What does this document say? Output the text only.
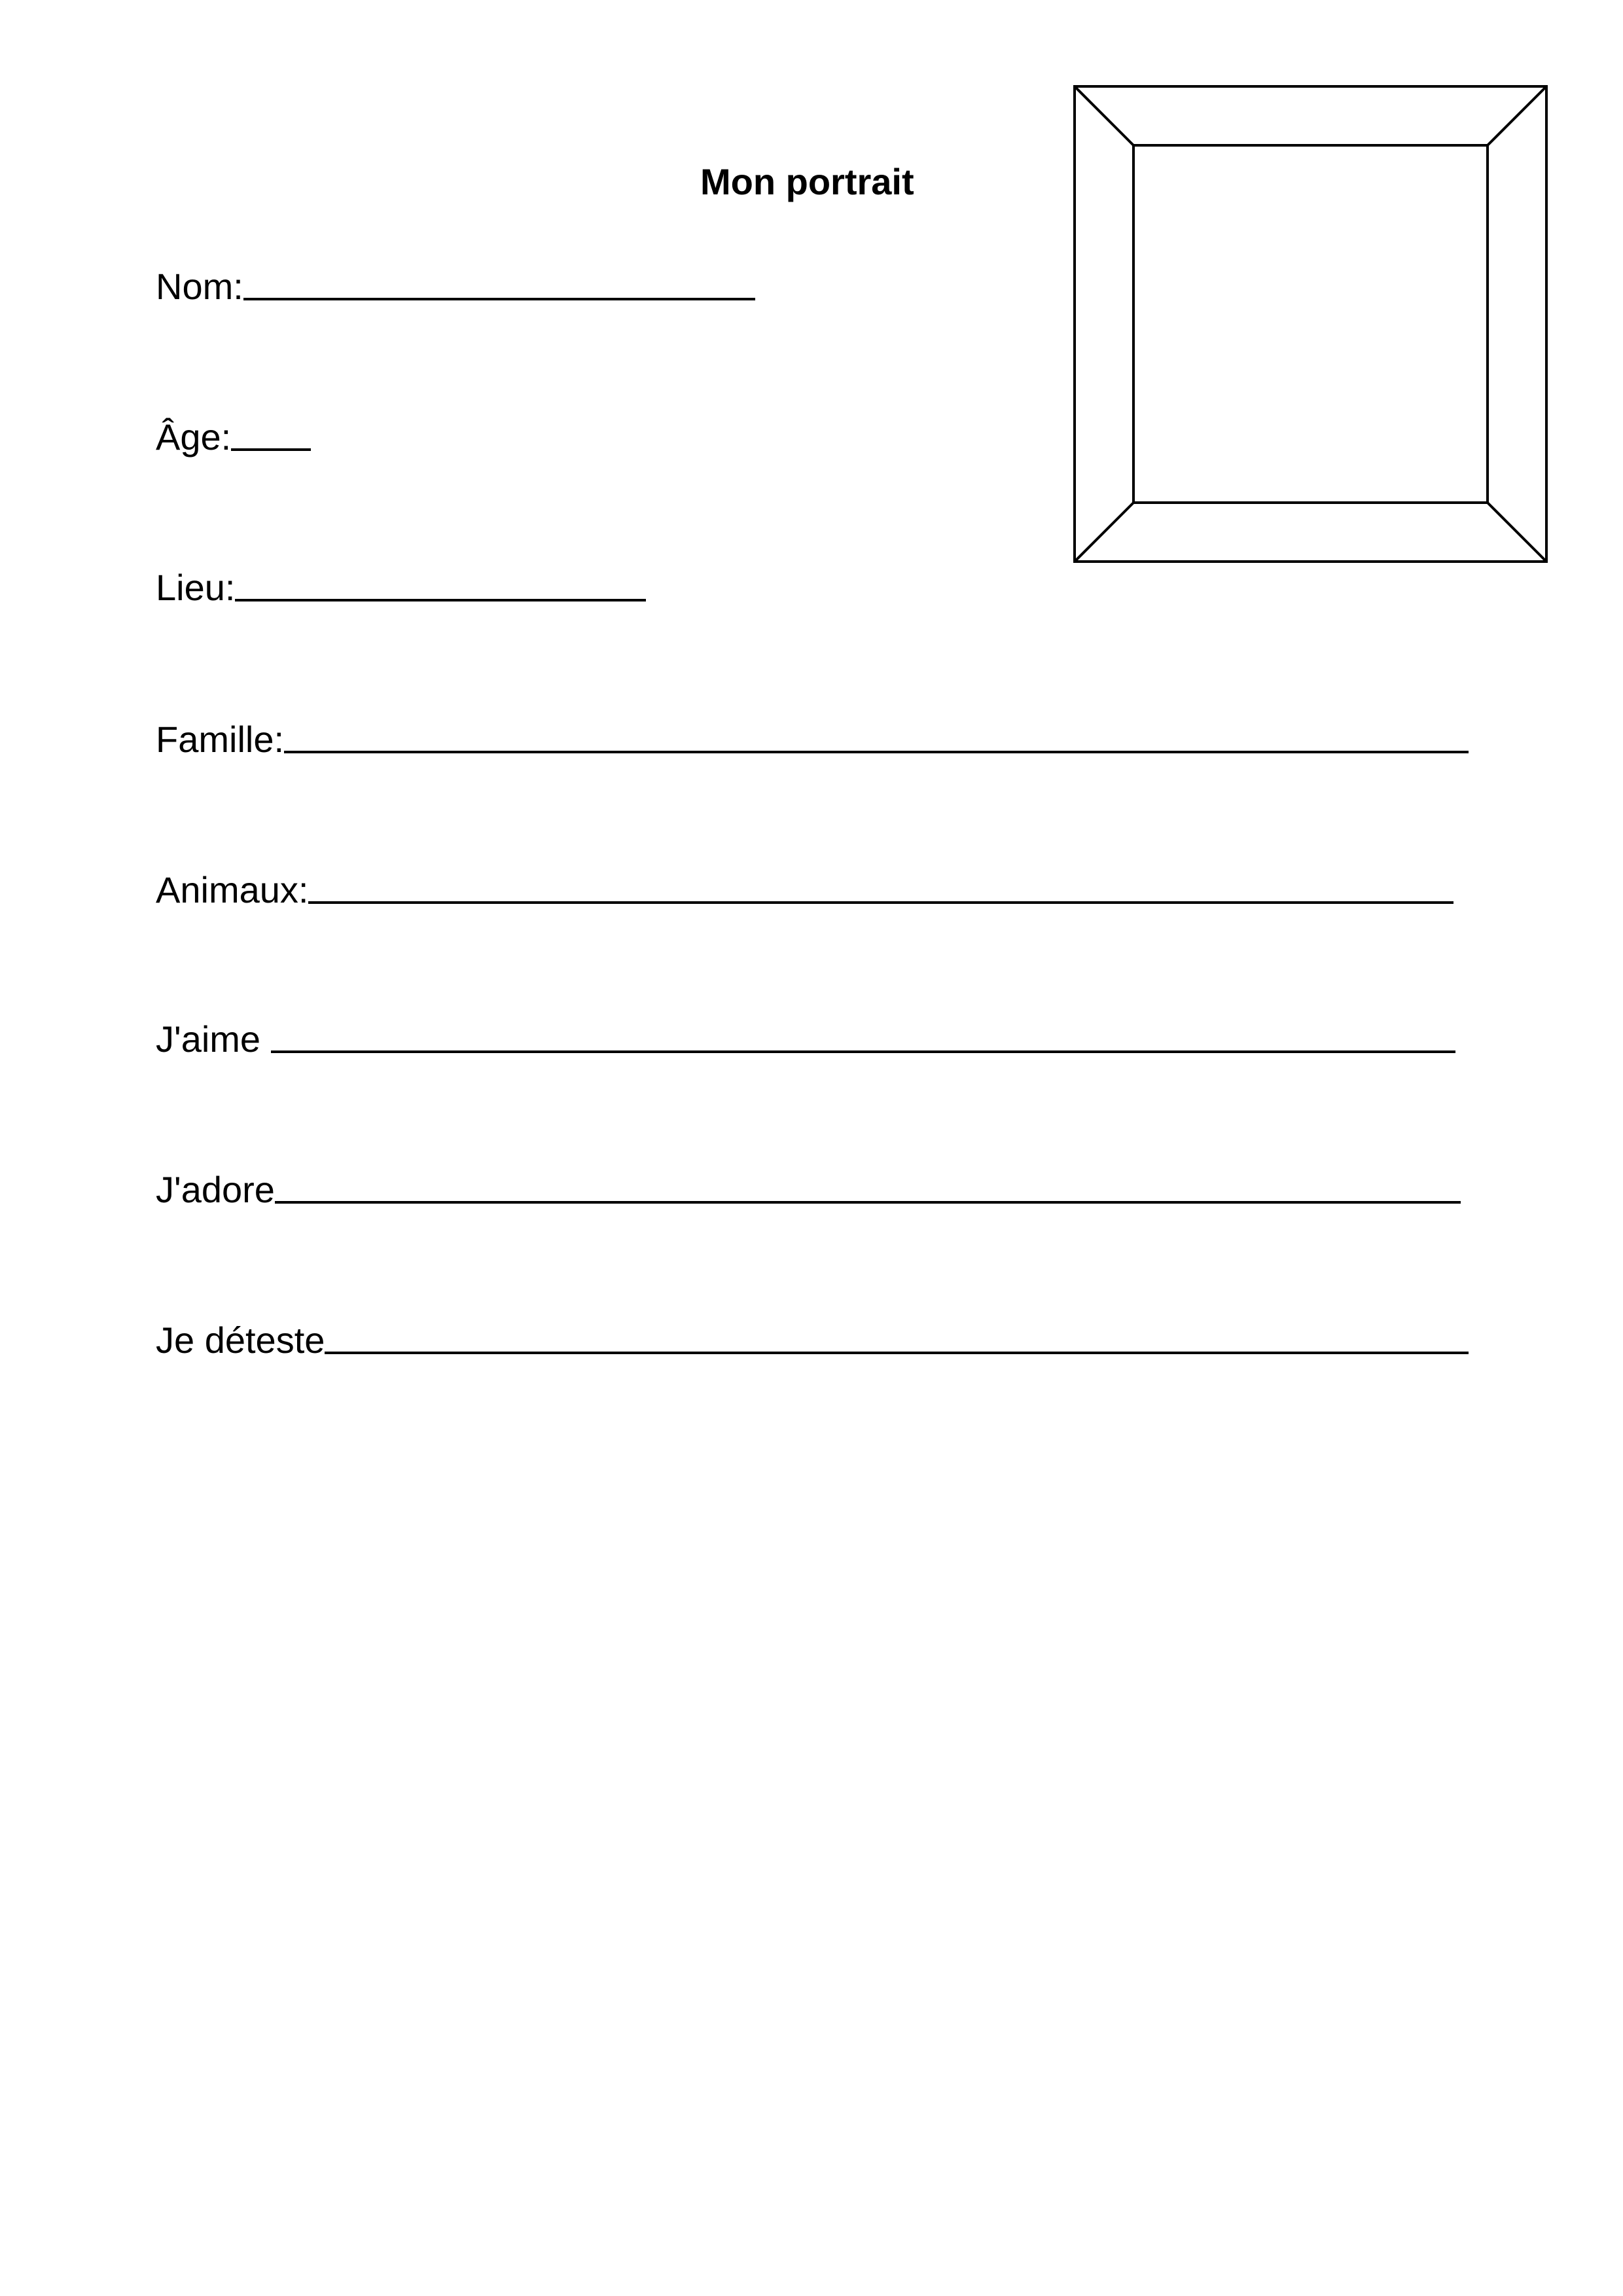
Mon portrait
Nom:
Âge:
Lieu:
Famille:
Animaux:
J'aime
J'adore
Je déteste
